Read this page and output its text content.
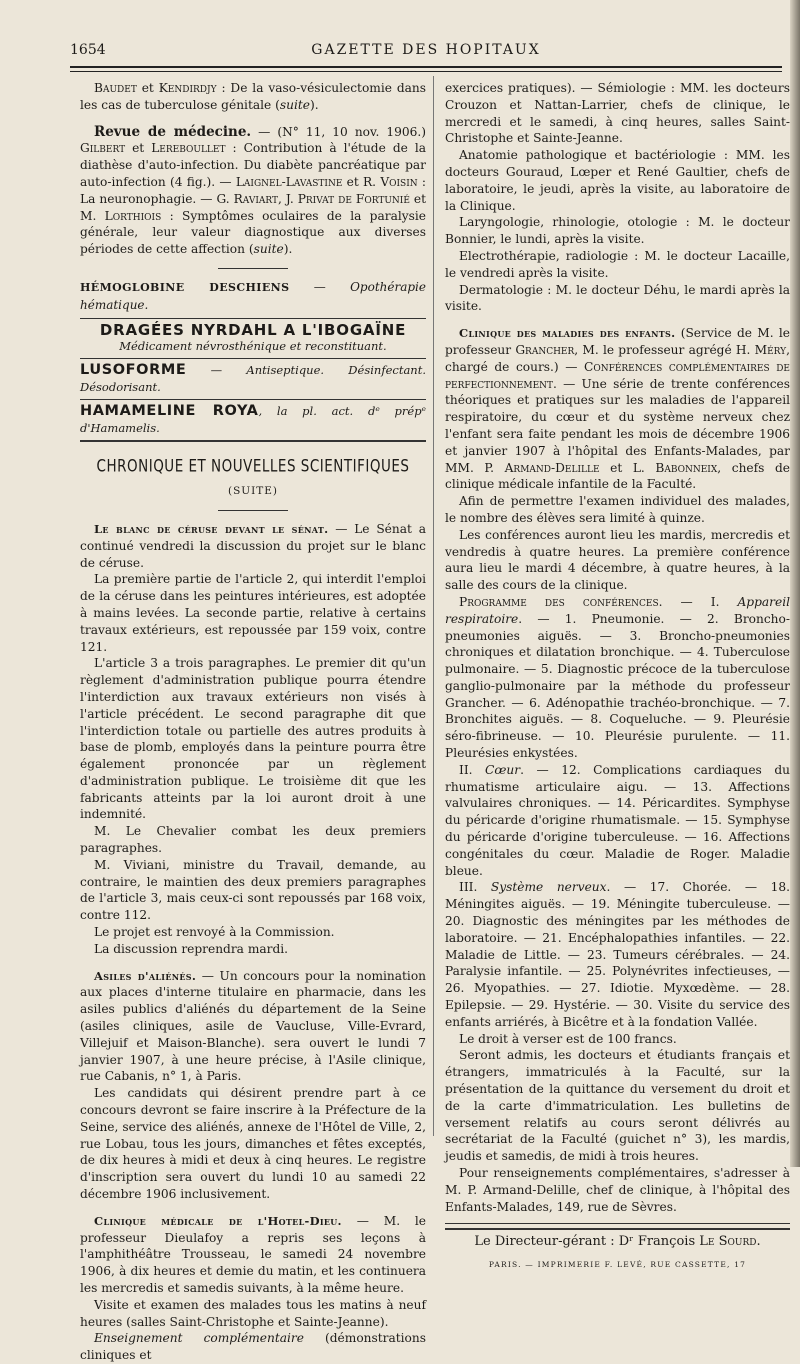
1654	GAZETTE DES HOPITAUX

Baudet et Kendirdjy : De la vaso-vésiculectomie dans les cas de tuberculose génitale (suite).

Revue de médecine. — (N° 11, 10 nov. 1906.) Gilbert et Lereboullet : Contribution à l'étude de la diathèse d'auto-infection. Du diabète pancréatique par auto-infection (4 fig.). — Laignel-Lavastine et R. Voisin : La neuronophagie. — G. Raviart, J. Privat de Fortunié et M. Lorthiois : Symptômes oculaires de la paralysie générale, leur valeur diagnostique aux diverses périodes de cette affection (suite).

HÉMOGLOBINE DESCHIENS — Opothérapie hématique.

DRAGÉES NYRDAHL A L'IBOGAÏNE
Médicament névrosthénique et reconstituant.
LUSOFORME — Antiseptique. Désinfectant. Désodorisant.
HAMAMELINE ROYA, la pl. act. dᵉ prépᵉ d'Hamamelis.
CHRONIQUE ET NOUVELLES SCIENTIFIQUES
(SUITE)

Le blanc de céruse devant le sénat. — Le Sénat a continué vendredi la discussion du projet sur le blanc de céruse.

La première partie de l'article 2, qui interdit l'emploi de la céruse dans les peintures intérieures, est adoptée à mains levées. La seconde partie, relative à certains travaux extérieurs, est repoussée par 159 voix, contre 121.

L'article 3 a trois paragraphes. Le premier dit qu'un règlement d'administration publique pourra étendre l'interdiction aux travaux extérieurs non visés à l'article précédent. Le second paragraphe dit que l'interdiction totale ou partielle des autres produits à base de plomb, employés dans la peinture pourra être également prononcée par un règlement d'administration publique. Le troisième dit que les fabricants atteints par la loi auront droit à une indemnité.

M. Le Chevalier combat les deux premiers paragraphes.

M. Viviani, ministre du Travail, demande, au contraire, le maintien des deux premiers paragraphes de l'article 3, mais ceux-ci sont repoussés par 168 voix, contre 112.

Le projet est renvoyé à la Commission.

La discussion reprendra mardi.

Asiles d'aliénés. — Un concours pour la nomination aux places d'interne titulaire en pharmacie, dans les asiles publics d'aliénés du département de la Seine (asiles cliniques, asile de Vaucluse, Ville-Evrard, Villejuif et Maison-Blanche). sera ouvert le lundi 7 janvier 1907, à une heure précise, à l'Asile clinique, rue Cabanis, n° 1, à Paris.

Les candidats qui désirent prendre part à ce concours devront se faire inscrire à la Préfecture de la Seine, service des aliénés, annexe de l'Hôtel de Ville, 2, rue Lobau, tous les jours, dimanches et fêtes exceptés, de dix heures à midi et deux à cinq heures. Le registre d'inscription sera ouvert du lundi 10 au samedi 22 décembre 1906 inclusivement.

Clinique médicale de l'Hotel-Dieu. — M. le professeur Dieulafoy a repris ses leçons à l'amphithéâtre Trousseau, le samedi 24 novembre 1906, à dix heures et demie du matin, et les continuera les mercredis et samedis suivants, à la même heure.

Visite et examen des malades tous les matins à neuf heures (salles Saint-Christophe et Sainte-Jeanne).

Enseignement complémentaire (démonstrations cliniques et

exercices pratiques). — Sémiologie : MM. les docteurs Crouzon et Nattan-Larrier, chefs de clinique, le mercredi et le samedi, à cinq heures, salles Saint-Christophe et Sainte-Jeanne.

Anatomie pathologique et bactériologie : MM. les docteurs Gouraud, Lœper et René Gaultier, chefs de laboratoire, le jeudi, après la visite, au laboratoire de la Clinique.

Laryngologie, rhinologie, otologie : M. le docteur Bonnier, le lundi, après la visite.

Electrothérapie, radiologie : M. le docteur Lacaille, le vendredi après la visite.

Dermatologie : M. le docteur Déhu, le mardi après la visite.

Clinique des maladies des enfants. (Service de M. le professeur Grancher, M. le professeur agrégé H. Méry, chargé de cours.) — Conférences complémentaires de perfectionnement. — Une série de trente conférences théoriques et pratiques sur les maladies de l'appareil respiratoire, du cœur et du système nerveux chez l'enfant sera faite pendant les mois de décembre 1906 et janvier 1907 à l'hôpital des Enfants-Malades, par MM. P. Armand-Delille et L. Babonneix, chefs de clinique médicale infantile de la Faculté.

Afin de permettre l'examen individuel des malades, le nombre des élèves sera limité à quinze.

Les conférences auront lieu les mardis, mercredis et vendredis à quatre heures. La première conférence aura lieu le mardi 4 décembre, à quatre heures, à la salle des cours de la clinique.

Programme des conférences. — I. Appareil respiratoire. — 1. Pneumonie. — 2. Broncho-pneumonies aiguës. — 3. Broncho-pneumonies chroniques et dilatation bronchique. — 4. Tuberculose pulmonaire. — 5. Diagnostic précoce de la tuberculose ganglio-pulmonaire par la méthode du professeur Grancher. — 6. Adénopathie trachéo-bronchique. — 7. Bronchites aiguës. — 8. Coqueluche. — 9. Pleurésie séro-fibrineuse. — 10. Pleurésie purulente. — 11. Pleurésies enkystées.

II. Cœur. — 12. Complications cardiaques du rhumatisme articulaire aigu. — 13. Affections valvulaires chroniques. — 14. Péricardites. Symphyse du péricarde d'origine rhumatismale. — 15. Symphyse du péricarde d'origine tuberculeuse. — 16. Affections congénitales du cœur. Maladie de Roger. Maladie bleue.

III. Système nerveux. — 17. Chorée. — 18. Méningites aiguës. — 19. Méningite tuberculeuse. — 20. Diagnostic des méningites par les méthodes de laboratoire. — 21. Encéphalopathies infantiles. — 22. Maladie de Little. — 23. Tumeurs cérébrales. — 24. Paralysie infantile. — 25. Polynévrites infectieuses, — 26. Myopathies. — 27. Idiotie. Myxœdème. — 28. Epilepsie. — 29. Hystérie. — 30. Visite du service des enfants arriérés, à Bicêtre et à la fondation Vallée.

Le droit à verser est de 100 francs.

Seront admis, les docteurs et étudiants français et étrangers, immatriculés à la Faculté, sur la présentation de la quittance du versement du droit et de la carte d'immatriculation. Les bulletins de versement relatifs au cours seront délivrés au secrétariat de la Faculté (guichet n° 3), les mardis, jeudis et samedis, de midi à trois heures.

Pour renseignements complémentaires, s'adresser à M. P. Armand-Delille, chef de clinique, à l'hôpital des Enfants-Malades, 149, rue de Sèvres.

Le Directeur-gérant : Dʳ François Le Sourd.
PARIS. — IMPRIMERIE F. LEVÉ, RUE CASSETTE, 17
